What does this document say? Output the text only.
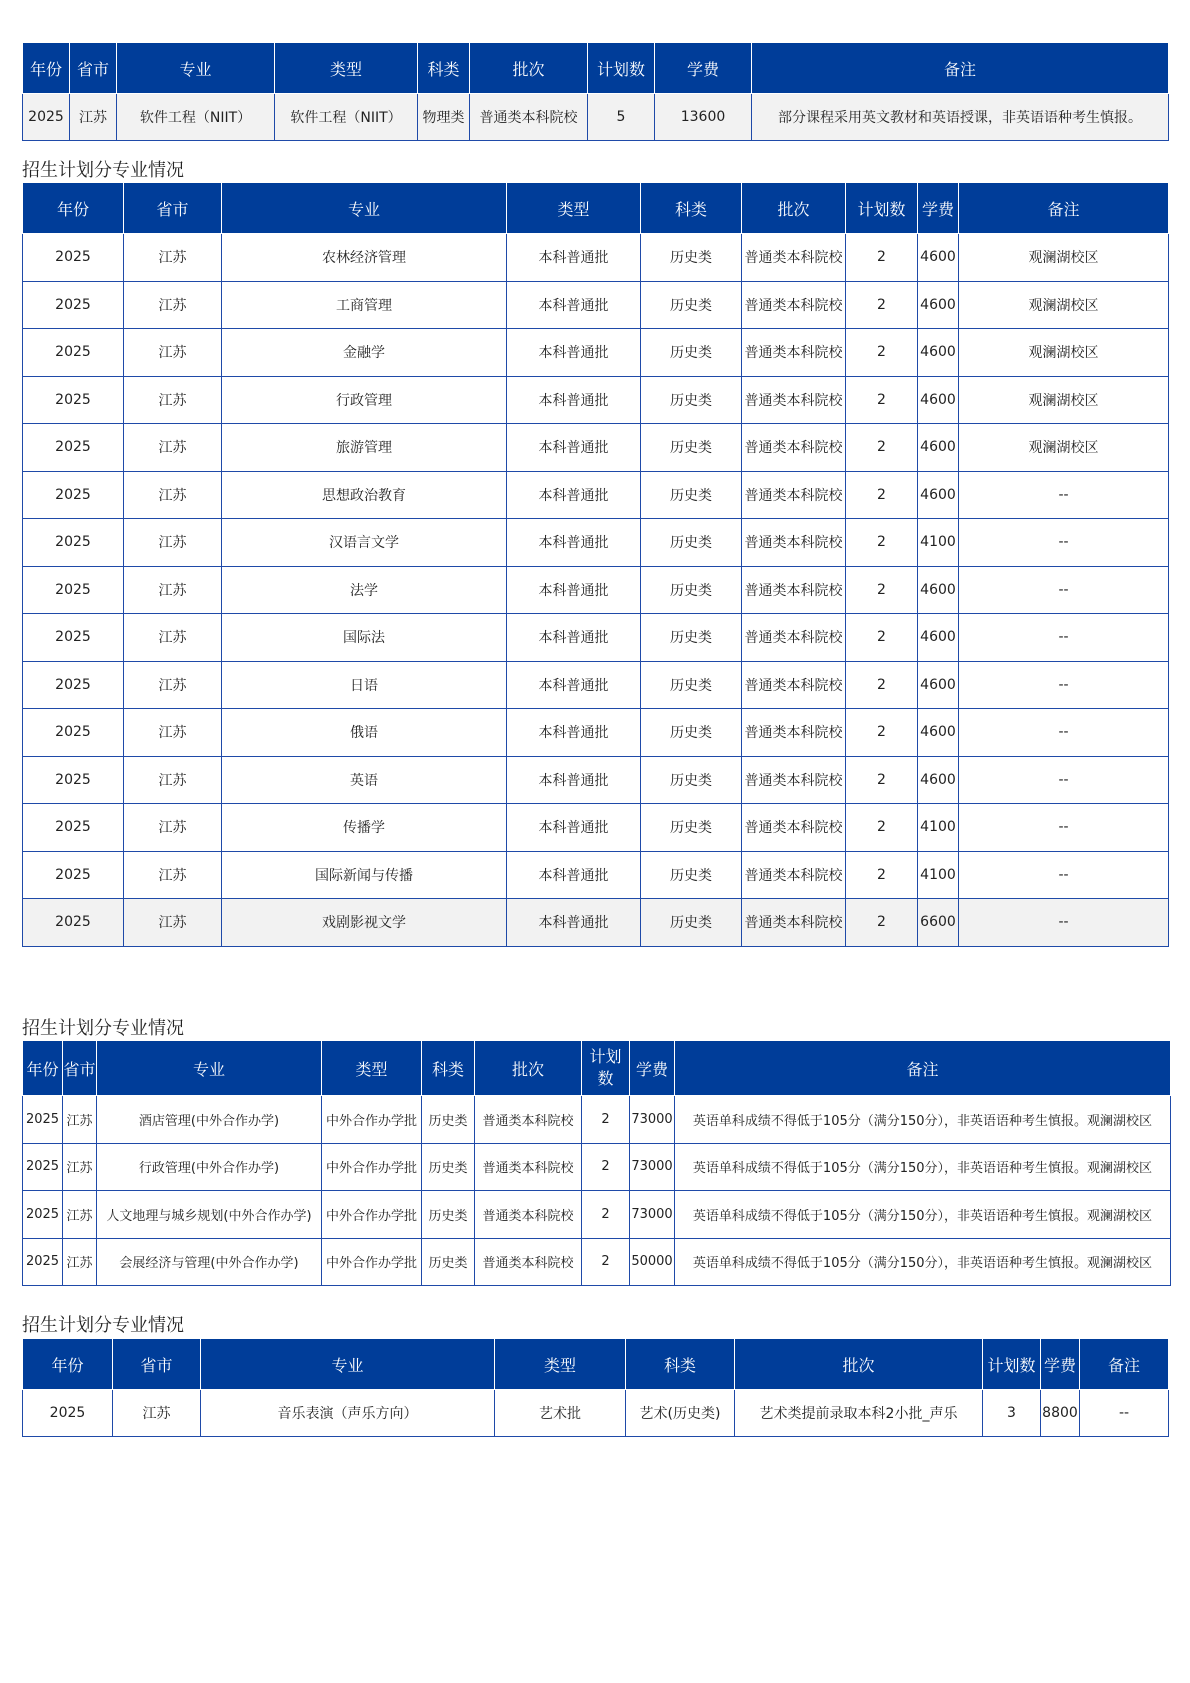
年份	省市	专业	类型	科类	批次	计划数	学费	备注
2025	江苏	软件工程（NIIT）	软件工程（NIIT）	物理类	普通类本科院校	5	13600	部分课程采用英文教材和英语授课，非英语语种考生慎报。
招生计划分专业情况
年份	省市	专业	类型	科类	批次	计划数	学费	备注
2025	江苏	农林经济管理	本科普通批	历史类	普通类本科院校	2	4600	观澜湖校区
2025	江苏	工商管理	本科普通批	历史类	普通类本科院校	2	4600	观澜湖校区
2025	江苏	金融学	本科普通批	历史类	普通类本科院校	2	4600	观澜湖校区
2025	江苏	行政管理	本科普通批	历史类	普通类本科院校	2	4600	观澜湖校区
2025	江苏	旅游管理	本科普通批	历史类	普通类本科院校	2	4600	观澜湖校区
2025	江苏	思想政治教育	本科普通批	历史类	普通类本科院校	2	4600	--
2025	江苏	汉语言文学	本科普通批	历史类	普通类本科院校	2	4100	--
2025	江苏	法学	本科普通批	历史类	普通类本科院校	2	4600	--
2025	江苏	国际法	本科普通批	历史类	普通类本科院校	2	4600	--
2025	江苏	日语	本科普通批	历史类	普通类本科院校	2	4600	--
2025	江苏	俄语	本科普通批	历史类	普通类本科院校	2	4600	--
2025	江苏	英语	本科普通批	历史类	普通类本科院校	2	4600	--
2025	江苏	传播学	本科普通批	历史类	普通类本科院校	2	4100	--
2025	江苏	国际新闻与传播	本科普通批	历史类	普通类本科院校	2	4100	--
2025	江苏	戏剧影视文学	本科普通批	历史类	普通类本科院校	2	6600	--
招生计划分专业情况
年份	省市	专业	类型	科类	批次	计划数	学费	备注
2025	江苏	酒店管理(中外合作办学)	中外合作办学批	历史类	普通类本科院校	2	73000	英语单科成绩不得低于105分（满分150分），非英语语种考生慎报。观澜湖校区
2025	江苏	行政管理(中外合作办学)	中外合作办学批	历史类	普通类本科院校	2	73000	英语单科成绩不得低于105分（满分150分），非英语语种考生慎报。观澜湖校区
2025	江苏	人文地理与城乡规划(中外合作办学)	中外合作办学批	历史类	普通类本科院校	2	73000	英语单科成绩不得低于105分（满分150分），非英语语种考生慎报。观澜湖校区
2025	江苏	会展经济与管理(中外合作办学)	中外合作办学批	历史类	普通类本科院校	2	50000	英语单科成绩不得低于105分（满分150分），非英语语种考生慎报。观澜湖校区
招生计划分专业情况
年份	省市	专业	类型	科类	批次	计划数	学费	备注
2025	江苏	音乐表演（声乐方向）	艺术批	艺术(历史类)	艺术类提前录取本科2小批_声乐	3	8800	--
